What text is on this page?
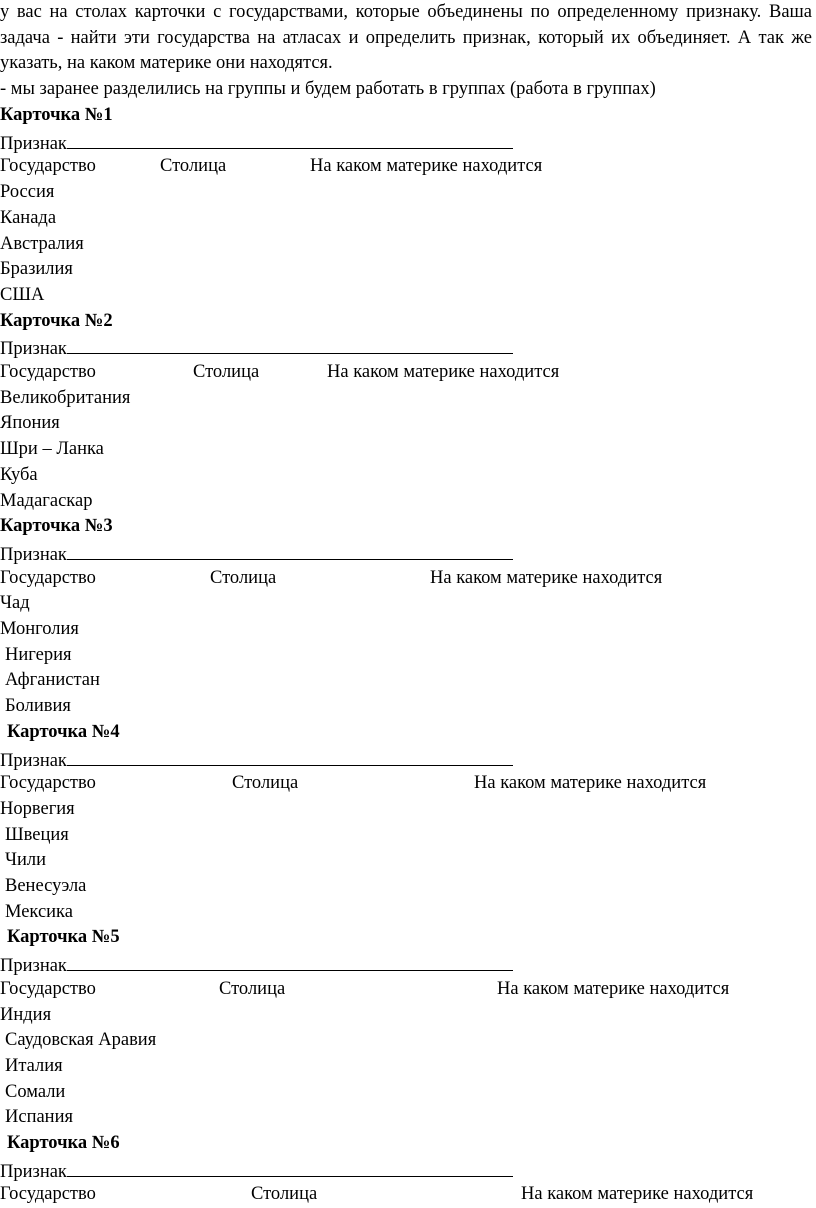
у вас на столах карточки с государствами, которые объединены по определенному признаку. Ваша задача - найти эти государства на атласах и определить признак, который их объединяет. А так же указать, на каком материке они находятся.

- мы заранее разделились на группы и будем работать в группах (работа в группах)

Карточка №1
Признак
Государство	Столица	На каком материке находится
Россия
Канада
Австралия
Бразилия
США
Карточка №2
Признак
Государство	Столица	На каком материке находится
Великобритания
Япония
Шри – Ланка
Куба
Мадагаскар
Карточка №3
Признак
Государство	Столица	На каком материке находится
Чад
Монголия
Нигерия
Афганистан
Боливия
Карточка №4
Признак
Государство	Столица	На каком материке находится
Норвегия
Швеция
Чили
Венесуэла
Мексика
Карточка №5
Признак
Государство	Столица	На каком материке находится
Индия
Саудовская Аравия
Италия
Сомали
Испания
Карточка №6
Признак
Государство	Столица	На каком материке находится
